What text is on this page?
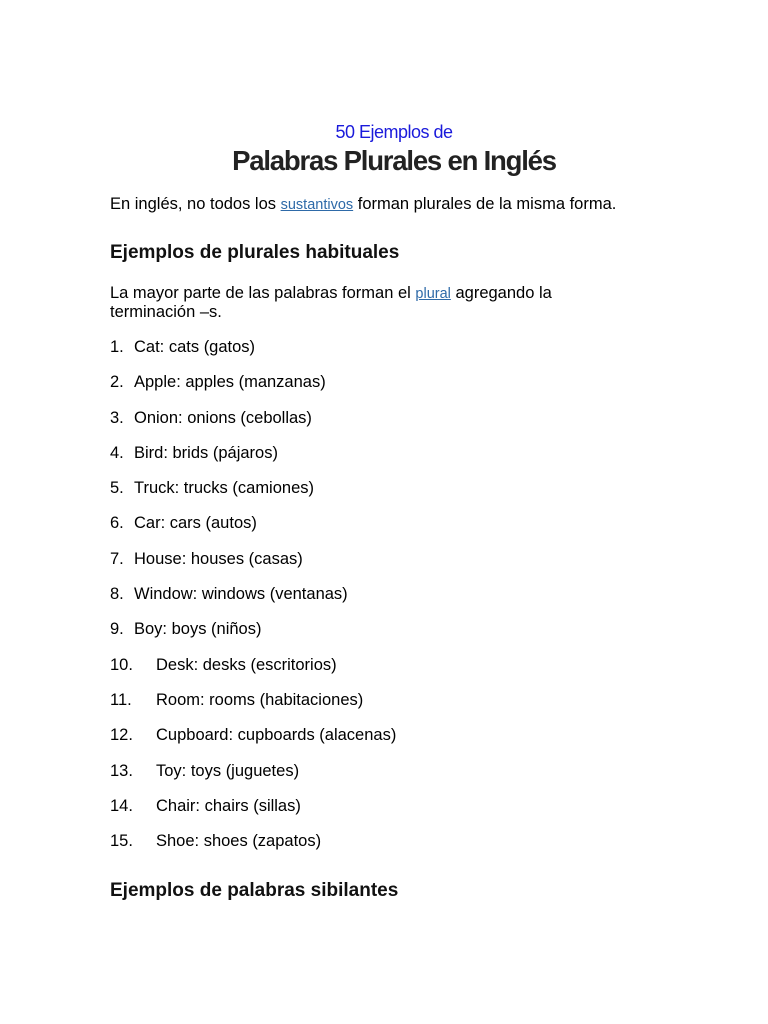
50 Ejemplos de
Palabras Plurales en Inglés

En inglés, no todos los sustantivos forman plurales de la misma forma.

Ejemplos de plurales habituales

La mayor parte de las palabras forman el plural agregando la terminación –s.

1. Cat: cats (gatos)
2. Apple: apples (manzanas)
3. Onion: onions (cebollas)
4. Bird: brids (pájaros)
5. Truck: trucks (camiones)
6. Car: cars (autos)
7. House: houses (casas)
8. Window: windows (ventanas)
9. Boy: boys (niños)
10. Desk: desks (escritorios)
11. Room: rooms (habitaciones)
12. Cupboard: cupboards (alacenas)
13. Toy: toys (juguetes)
14. Chair: chairs (sillas)
15. Shoe: shoes (zapatos)
Ejemplos de palabras sibilantes
